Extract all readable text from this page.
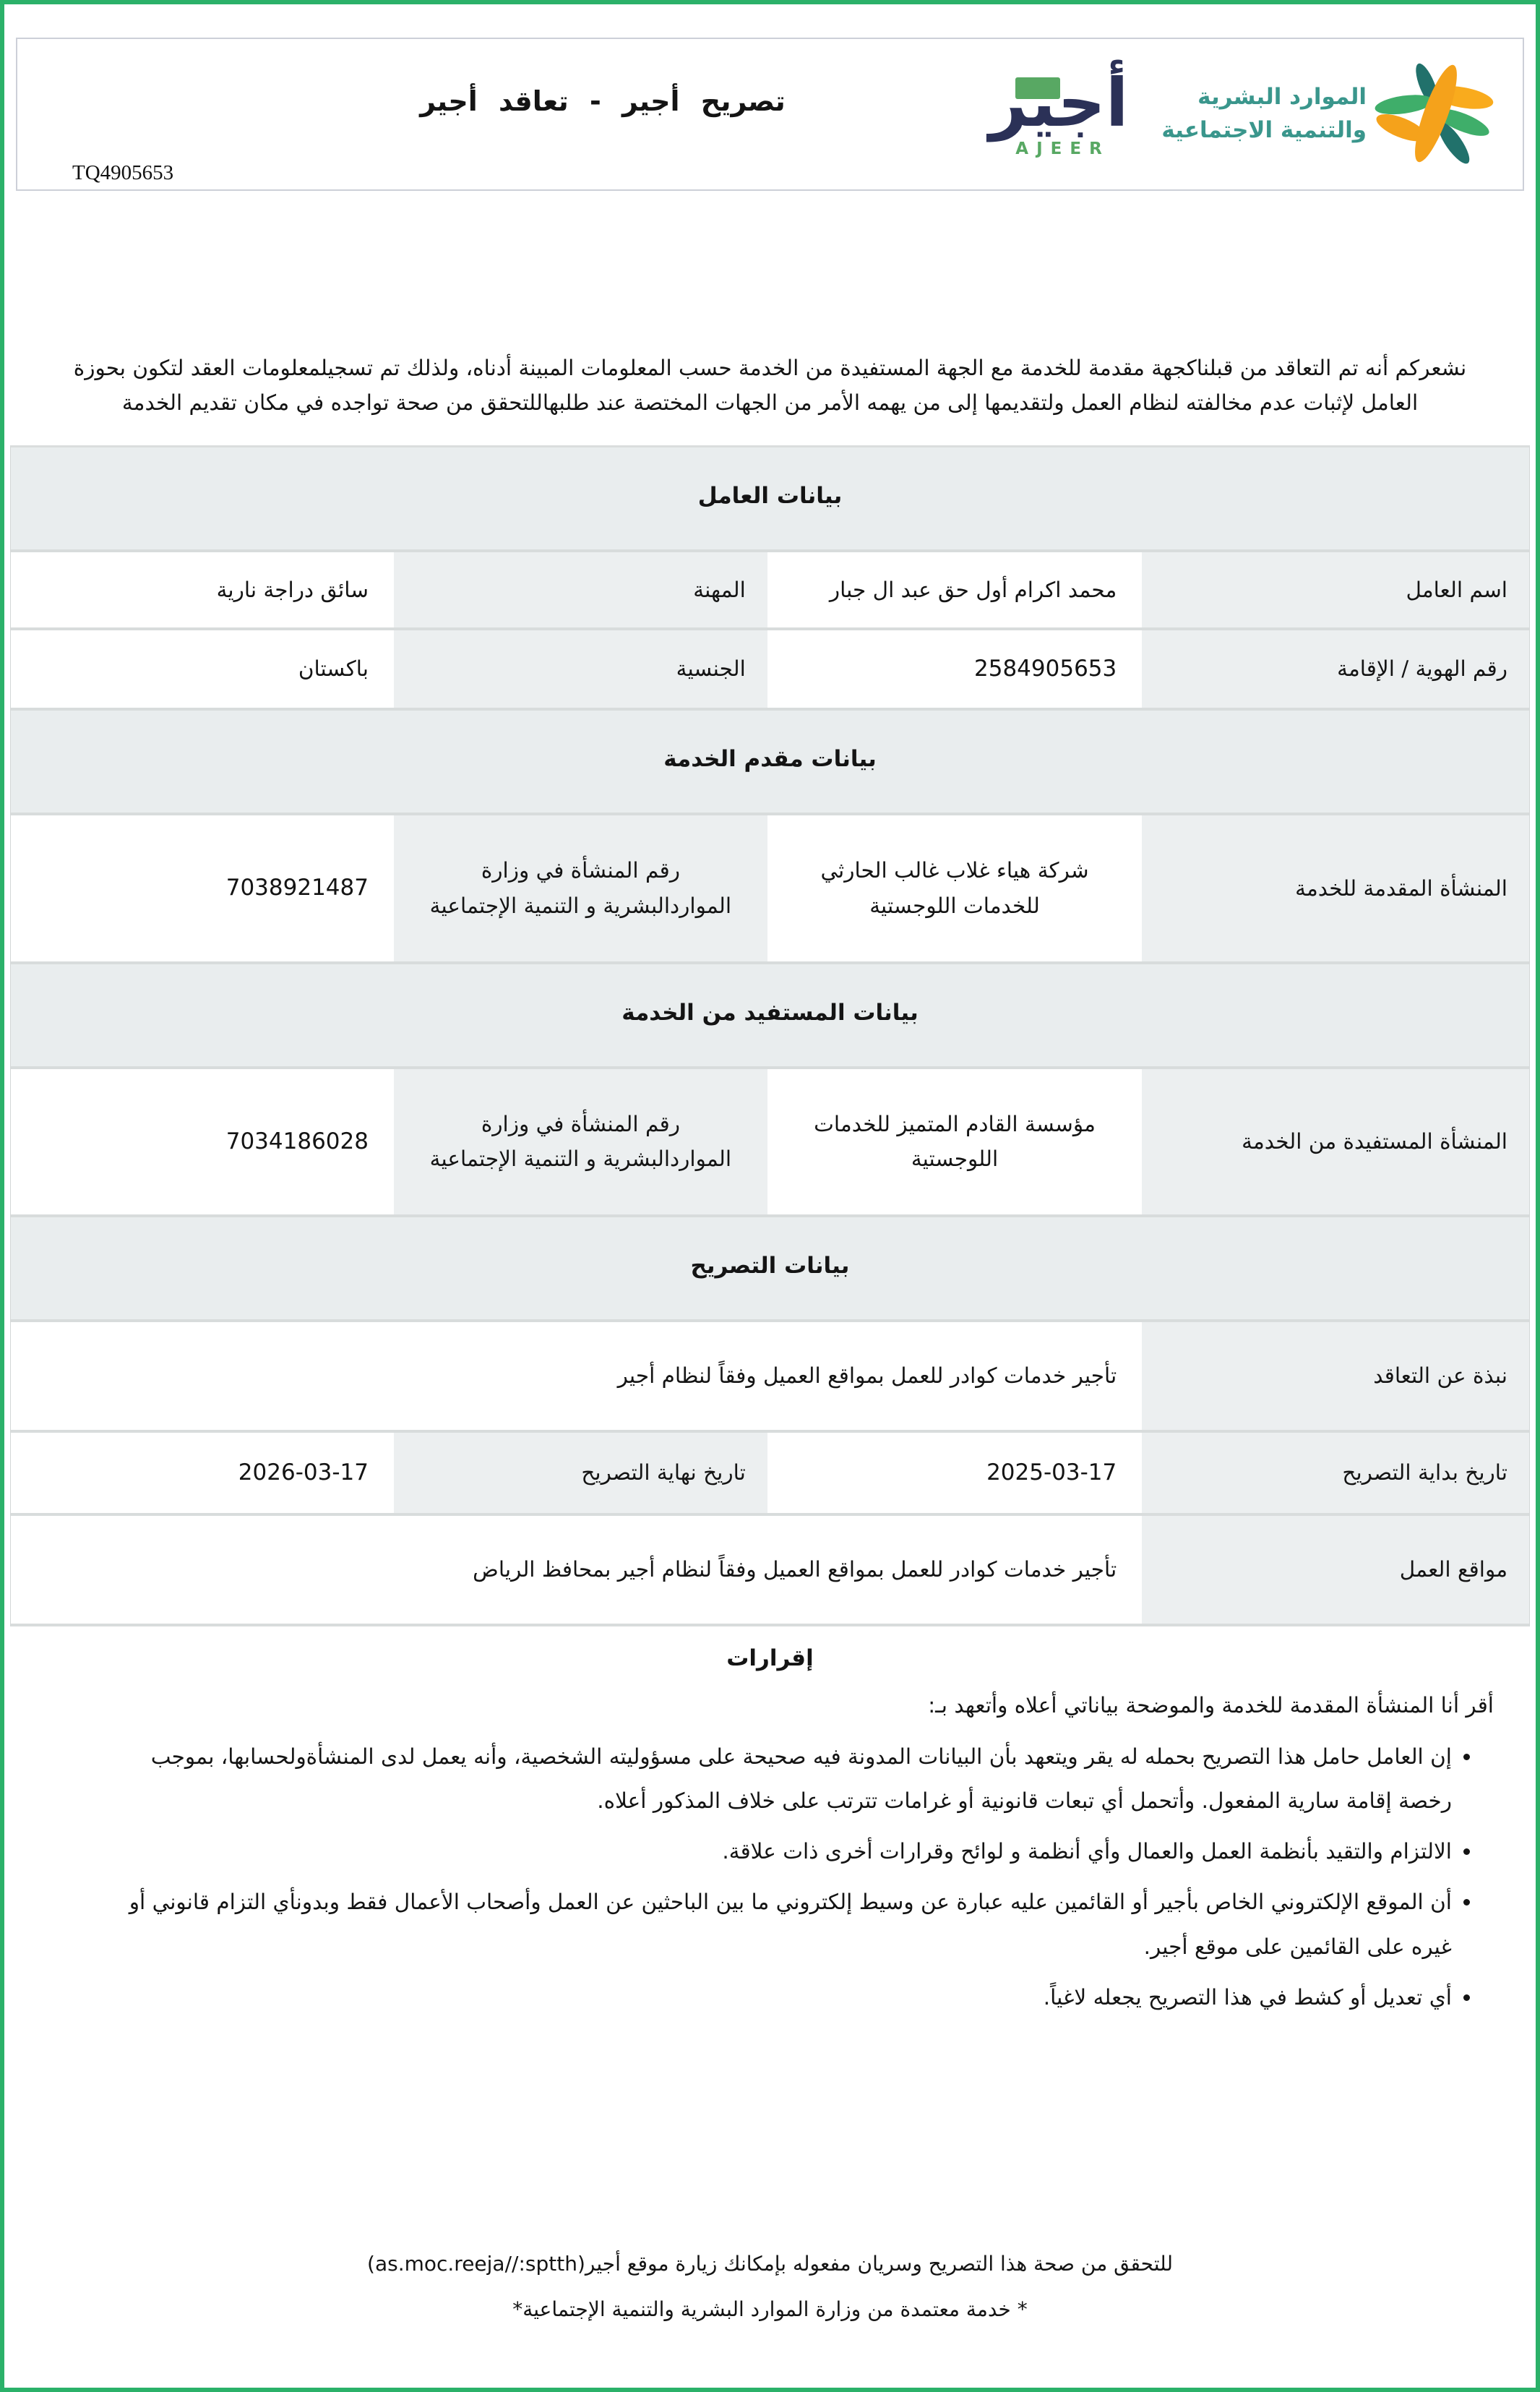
تصريح أجير - تعاقد أجير
TQ4905653
أجير
AJEER
الموارد البشرية
والتنمية الاجتماعية

نشعركم أنه تم التعاقد من قبلناكجهة مقدمة للخدمة مع الجهة المستفيدة من الخدمة حسب المعلومات المبينة أدناه، ولذلك تم تسجيلمعلومات العقد لتكون بحوزة العامل لإثبات عدم مخالفته لنظام العمل ولتقديمها إلى من يهمه الأمر من الجهات المختصة عند طلبهاللتحقق من صحة تواجده في مكان تقديم الخدمة

بيانات العامل
اسم العامل
محمد اكرام أول حق عبد ال جبار
المهنة
سائق دراجة نارية
رقم الهوية / الإقامة
2584905653
الجنسية
باكستان
بيانات مقدم الخدمة
المنشأة المقدمة للخدمة
شركة هياء غلاب غالب الحارثي للخدمات اللوجستية
رقم المنشأة في وزارة المواردالبشرية و التنمية الإجتماعية
7038921487
بيانات المستفيد من الخدمة
المنشأة المستفيدة من الخدمة
مؤسسة القادم المتميز للخدمات اللوجستية
رقم المنشأة في وزارة المواردالبشرية و التنمية الإجتماعية
7034186028
بيانات التصريح
نبذة عن التعاقد
تأجير خدمات كوادر للعمل بمواقع العميل وفقاً لنظام أجير
تاريخ بداية التصريح
2025-03-17
تاريخ نهاية التصريح
2026-03-17
مواقع العمل
تأجير خدمات كوادر للعمل بمواقع العميل وفقاً لنظام أجير بمحافظ الرياض
إقرارات

أقر أنا المنشأة المقدمة للخدمة والموضحة بياناتي أعلاه وأتعهد بـ:

• إن العامل حامل هذا التصريح بحمله له يقر ويتعهد بأن البيانات المدونة فيه صحيحة على مسؤوليته الشخصية، وأنه يعمل لدى المنشأةولحسابها، بموجب رخصة إقامة سارية المفعول. وأتحمل أي تبعات قانونية أو غرامات تترتب على خلاف المذكور أعلاه.
• الالتزام والتقيد بأنظمة العمل والعمال وأي أنظمة و لوائح وقرارات أخرى ذات علاقة.
• أن الموقع الإلكتروني الخاص بأجير أو القائمين عليه عبارة عن وسيط إلكتروني ما بين الباحثين عن العمل وأصحاب الأعمال فقط وبدونأي التزام قانوني أو غيره على القائمين على موقع أجير.
• أي تعديل أو كشط في هذا التصريح يجعله لاغياً.

للتحقق من صحة هذا التصريح وسريان مفعوله بإمكانك زيارة موقع أجير(as.moc.reeja//:sptth)

* خدمة معتمدة من وزارة الموارد البشرية والتنمية الإجتماعية*
